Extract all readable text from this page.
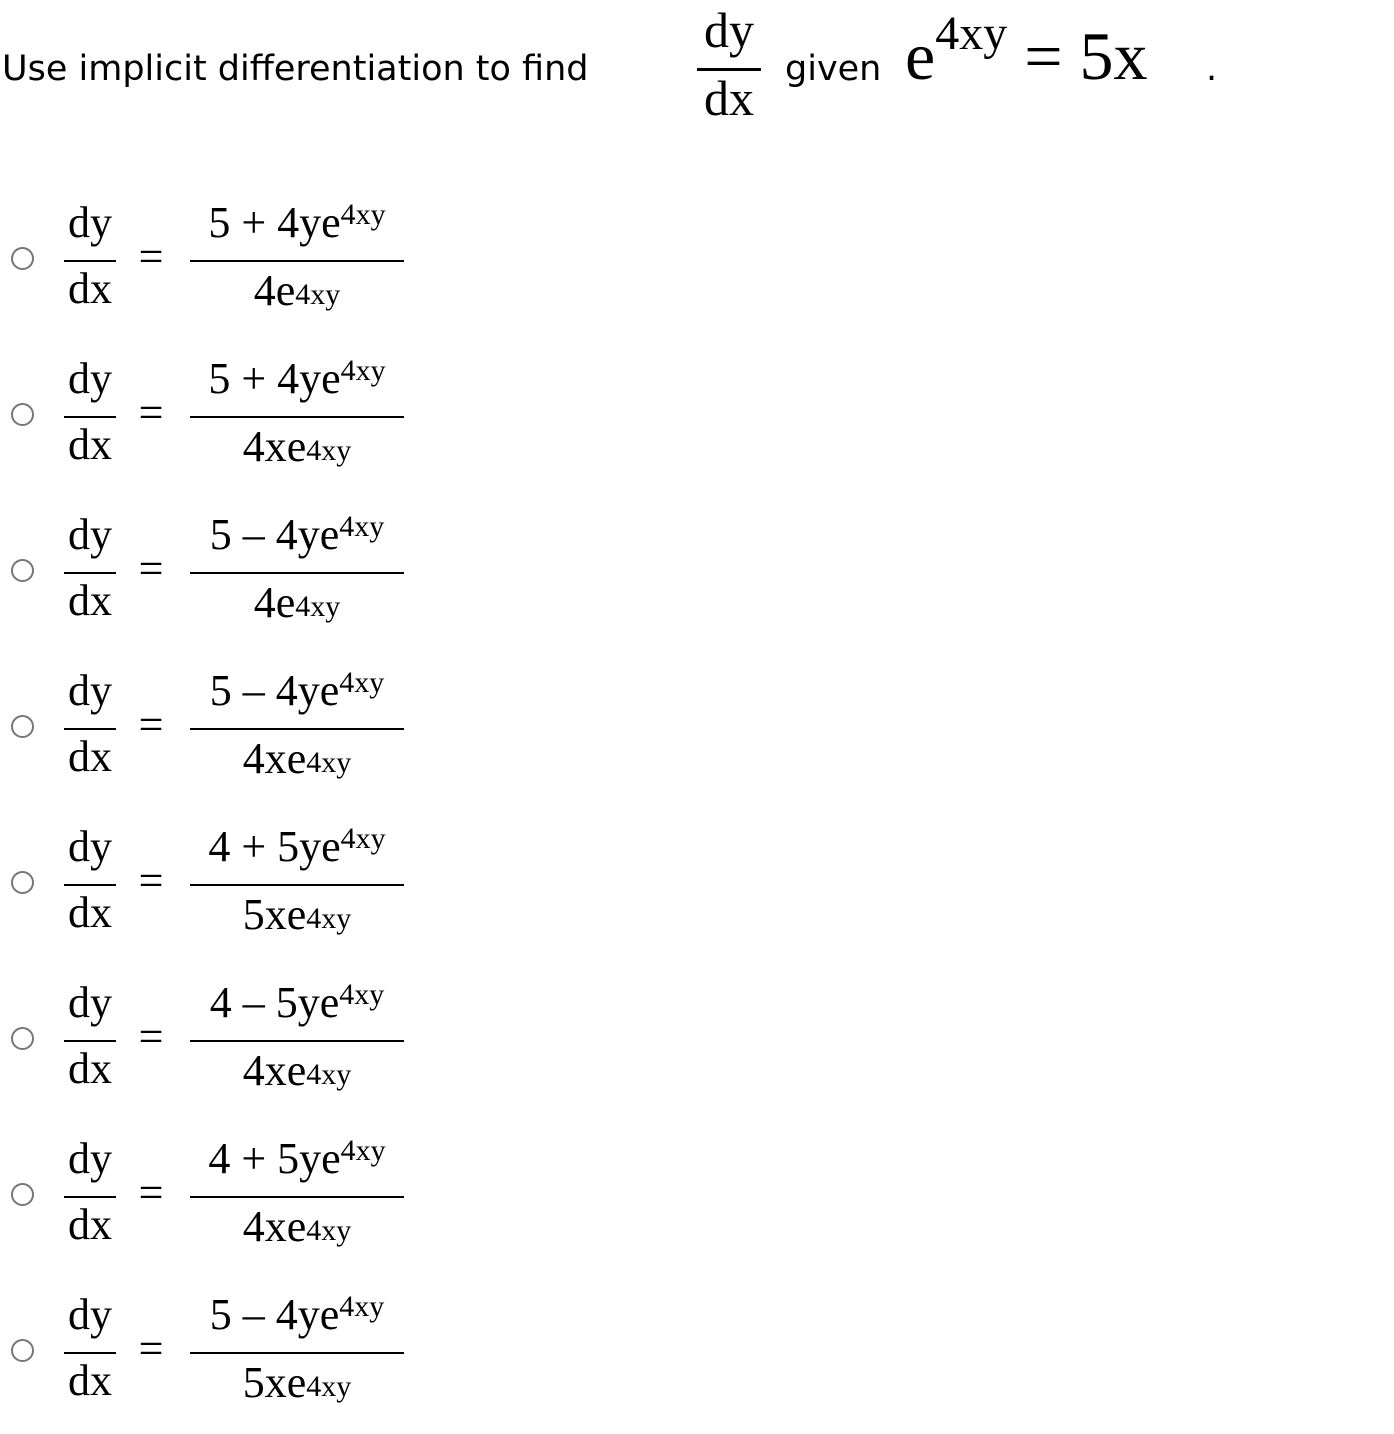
Use implicit differentiation to find
dy
dx
given $e^{4xy} = 5x$ .
dy
dx
=
$5 + 4ye^{4xy}$
$4e^{4xy}$
dy
dx
=
$5 + 4ye^{4xy}$
$4xe^{4xy}$
dy
dx
=
$5 - 4ye^{4xy}$
$4e^{4xy}$
dy
dx
=
$5 - 4ye^{4xy}$
$4xe^{4xy}$
dy
dx
=
$4 + 5ye^{4xy}$
$5xe^{4xy}$
dy
dx
=
$4 - 5ye^{4xy}$
$4xe^{4xy}$
dy
dx
=
$4 + 5ye^{4xy}$
$4xe^{4xy}$
dy
dx
=
$5 - 4ye^{4xy}$
$5xe^{4xy}$
